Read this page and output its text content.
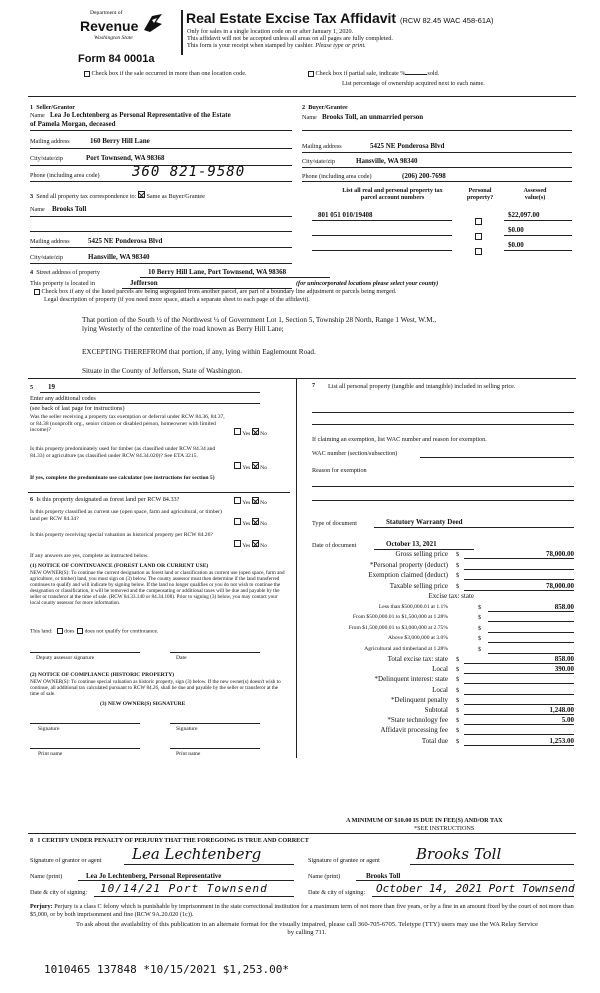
Department of
Revenue
Washington State
Real Estate Excise Tax Affidavit (RCW 82.45 WAC 458-61A)
Only for sales in a single location code on or after January 1, 2020.
This affidavit will not be accepted unless all areas on all pages are fully completed.
This form is your receipt when stamped by cashier. Please type or print.
Form 84 0001a
Check box if the sale occurred in more than one location code.	Check box if partial sale, indicate %	sold.
List percentage of ownership acquired next to each name.
1 Seller/Grantor
Name Lea Jo Lechtenberg as Personal Representative of the Estate
of Pamela Morgan, deceased
Mailing address	160 Berry Hill Lane
City/state/zip	Port Townsend, WA 98368
Phone (including area code) 360 821-9580
2 Buyer/Grantee
Name Brooks Toll, an unmarried person
Mailing address	5425 NE Ponderosa Blvd
City/state/zip	Hansville, WA 98340
Phone (including area code)	(206) 200-7698
3 Send all property tax correspondence to: Same as Buyer/Grantee
Name Brooks Toll
Mailing address	5425 NE Ponderosa Blvd
City/state/zip	Hansville, WA 98340
List all real and personal property tax
parcel account numbers
Personal
property?
Assessed
value(s)
801 051 010/19408	$22,097.00
$0.00
$0.00
4 Street address of property	10 Berry Hill Lane, Port Townsend, WA 98368
This property is located in	Jefferson	(for unincorporated locations please select your county)
Check box if any of the listed parcels are being segregated from another parcel, are part of a boundary line adjustment or parcels being merged.
Legal description of property (if you need more space, attach a separate sheet to each page of the affidavit).
That portion of the South ½ of the Northwest ¼ of Government Lot 1, Section 5, Township 28 North, Range 1 West, W.M.,
lying Westerly of the centerline of the road known as Berry Hill Lane;
EXCEPTING THEREFROM that portion, if any, lying within Eaglemount Road.
Situate in the County of Jefferson, State of Washington.
5 19
Enter any additional codes
(see back of last page for instructions)
Was the seller receiving a property tax exemption or deferral under RCW 84.36, 84.37, or 84.38 (nonprofit org., senior citizen or disabled person, homeowner with limited income)?
Yes No
Is this property predominately used for timber (as classified under RCW 84.34 and 84.33) or agriculture (as classified under RCW 84.34.020)? See ETA 3215.
Yes No
If yes, complete the predominate use calculator (see instructions for section 5)
6 Is this property designated as forest land per RCW 84.33?	Yes No
Is this property classified as current use (open space, farm and agricultural, or timber) land per RCW 84.34?
Yes No
Is this property receiving special valuation as historical property per RCW 84.26?
Yes No
If any answers are yes, complete as instructed below.
(1) NOTICE OF CONTINUANCE (FOREST LAND OR CURRENT USE)
NEW OWNER(S): To continue the current designation as forest land or classification as current use (open space, farm and agriculture, or timber) land, you must sign on (3) below. The county assessor must then determine if the land transferred continues to qualify and will indicate by signing below. If the land no longer qualifies or you do not wish to continue the designation or classification, it will be removed and the compensating or additional taxes will be due and payable by the seller or transferor at the time of sale. (RCW 84.33.140 or 84.34.108). Prior to signing (3) below, you may contact your local county assessor for more information.
This land: does does not qualify for continuance.
Deputy assessor signature	Date
(2) NOTICE OF COMPLIANCE (HISTORIC PROPERTY)
NEW OWNER(S): To continue special valuation as historic property, sign (3) below. If the new owner(s) doesn't wish to continue, all additional tax calculated pursuant to RCW 84.26, shall be due and payable by the seller or transferor at the time of sale.
(3) NEW OWNER(S) SIGNATURE
Signature	Signature
Print name	Print name
7 List all personal property (tangible and intangible) included in selling price.
If claiming an exemption, list WAC number and reason for exemption.
WAC number (section/subsection)
Reason for exemption
Type of document	Statutory Warranty Deed
Date of document	October 13, 2021
Gross selling price $	78,000.00
*Personal property (deduct) $
Exemption claimed (deduct) $
Taxable selling price $	78,000.00
Excise tax: state
Less than $500,000.01 at 1.1%	$	858.00
From $500,000.01 to $1,500,000 at 1.28%	$
From $1,500,000.01 to $3,000,000 at 2.75%	$
Above $3,000,000 at 3.0%	$
Agricultural and timberland at 1.28%	$
Total excise tax: state $	858.00
Local $	390.00
*Delinquent interest: state $
Local $
*Delinquent penalty $
Subtotal $	1,248.00
*State technology fee $	5.00
Affidavit processing fee $
Total due $	1,253.00
A MINIMUM OF $10.00 IS DUE IN FEE(S) AND/OR TAX
*SEE INSTRUCTIONS
8 I CERTIFY UNDER PENALTY OF PERJURY THAT THE FOREGOING IS TRUE AND CORRECT
Signature of grantor or agent Lea Lechtenberg	Signature of grantee or agent Brooks Toll
Name (print)	Lea Jo Lechtenberg, Personal Representative	Name (print)	Brooks Toll
Date & city of signing: 10/14/21 Port Townsend	Date & city of signing: October 14, 2021 Port Townsend
Perjury: Perjury is a class C felony which is punishable by imprisonment in the state correctional institution for a maximum term of not more than five years, or by a fine in an amount fixed by the court of not more than $5,000, or by both imprisonment and fine (RCW 9A.20.020 (1c)).
To ask about the availability of this publication in an alternate format for the visually impaired, please call 360-705-6705. Teletype (TTY) users may use the WA Relay Service by calling 711.
1010465 137848 *10/15/2021 $1,253.00*
